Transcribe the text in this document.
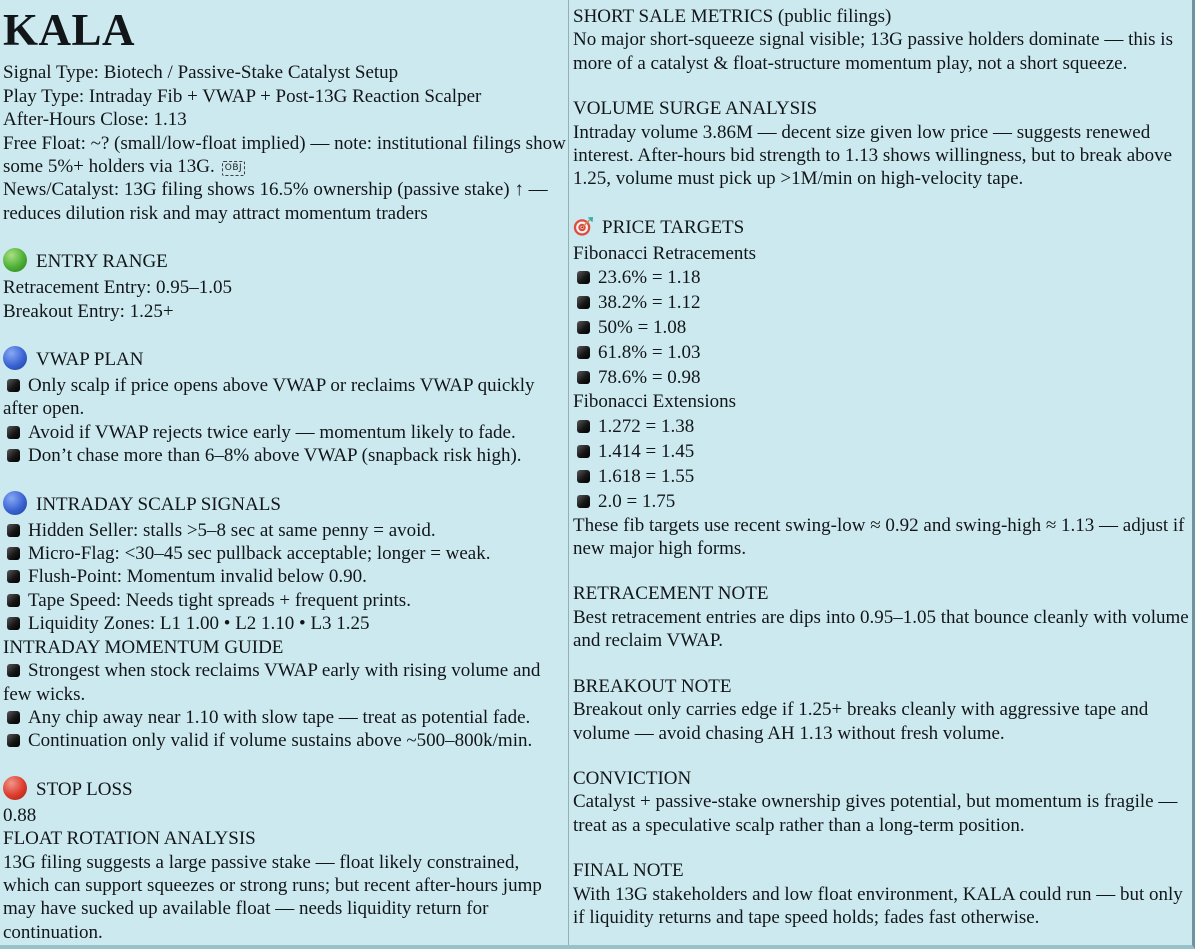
KALA
Signal Type: Biotech / Passive-Stake Catalyst Setup
Play Type: Intraday Fib + VWAP + Post-13G Reaction Scalper
After-Hours Close: 1.13
Free Float: ~? (small/low-float implied) — note: institutional filings show some 5%+ holders via 13G. OBJ
News/Catalyst: 13G filing shows 16.5% ownership (passive stake) ↑ — reduces dilution risk and may attract momentum traders
ENTRY RANGE
Retracement Entry: 0.95–1.05
Breakout Entry: 1.25+
VWAP PLAN
Only scalp if price opens above VWAP or reclaims VWAP quickly after open.
Avoid if VWAP rejects twice early — momentum likely to fade.
Don’t chase more than 6–8% above VWAP (snapback risk high).
INTRADAY SCALP SIGNALS
Hidden Seller: stalls >5–8 sec at same penny = avoid.
Micro-Flag: <30–45 sec pullback acceptable; longer = weak.
Flush-Point: Momentum invalid below 0.90.
Tape Speed: Needs tight spreads + frequent prints.
Liquidity Zones: L1 1.00 • L2 1.10 • L3 1.25
INTRADAY MOMENTUM GUIDE
Strongest when stock reclaims VWAP early with rising volume and few wicks.
Any chip away near 1.10 with slow tape — treat as potential fade.
Continuation only valid if volume sustains above ~500–800k/min.
STOP LOSS
0.88
FLOAT ROTATION ANALYSIS
13G filing suggests a large passive stake — float likely constrained, which can support squeezes or strong runs; but recent after-hours jump may have sucked up available float — needs liquidity return for continuation.
SHORT SALE METRICS (public filings)
No major short-squeeze signal visible; 13G passive holders dominate — this is more of a catalyst & float-structure momentum play, not a short squeeze.
VOLUME SURGE ANALYSIS
Intraday volume 3.86M — decent size given low price — suggests renewed interest. After-hours bid strength to 1.13 shows willingness, but to break above 1.25, volume must pick up >1M/min on high-velocity tape.
PRICE TARGETS
Fibonacci Retracements
23.6% = 1.18
38.2% = 1.12
50% = 1.08
61.8% = 1.03
78.6% = 0.98
Fibonacci Extensions
1.272 = 1.38
1.414 = 1.45
1.618 = 1.55
2.0 = 1.75
These fib targets use recent swing-low ≈ 0.92 and swing-high ≈ 1.13 — adjust if new major high forms.
RETRACEMENT NOTE
Best retracement entries are dips into 0.95–1.05 that bounce cleanly with volume and reclaim VWAP.
BREAKOUT NOTE
Breakout only carries edge if 1.25+ breaks cleanly with aggressive tape and volume — avoid chasing AH 1.13 without fresh volume.
CONVICTION
Catalyst + passive-stake ownership gives potential, but momentum is fragile — treat as a speculative scalp rather than a long-term position.
FINAL NOTE
With 13G stakeholders and low float environment, KALA could run — but only if liquidity returns and tape speed holds; fades fast otherwise.
